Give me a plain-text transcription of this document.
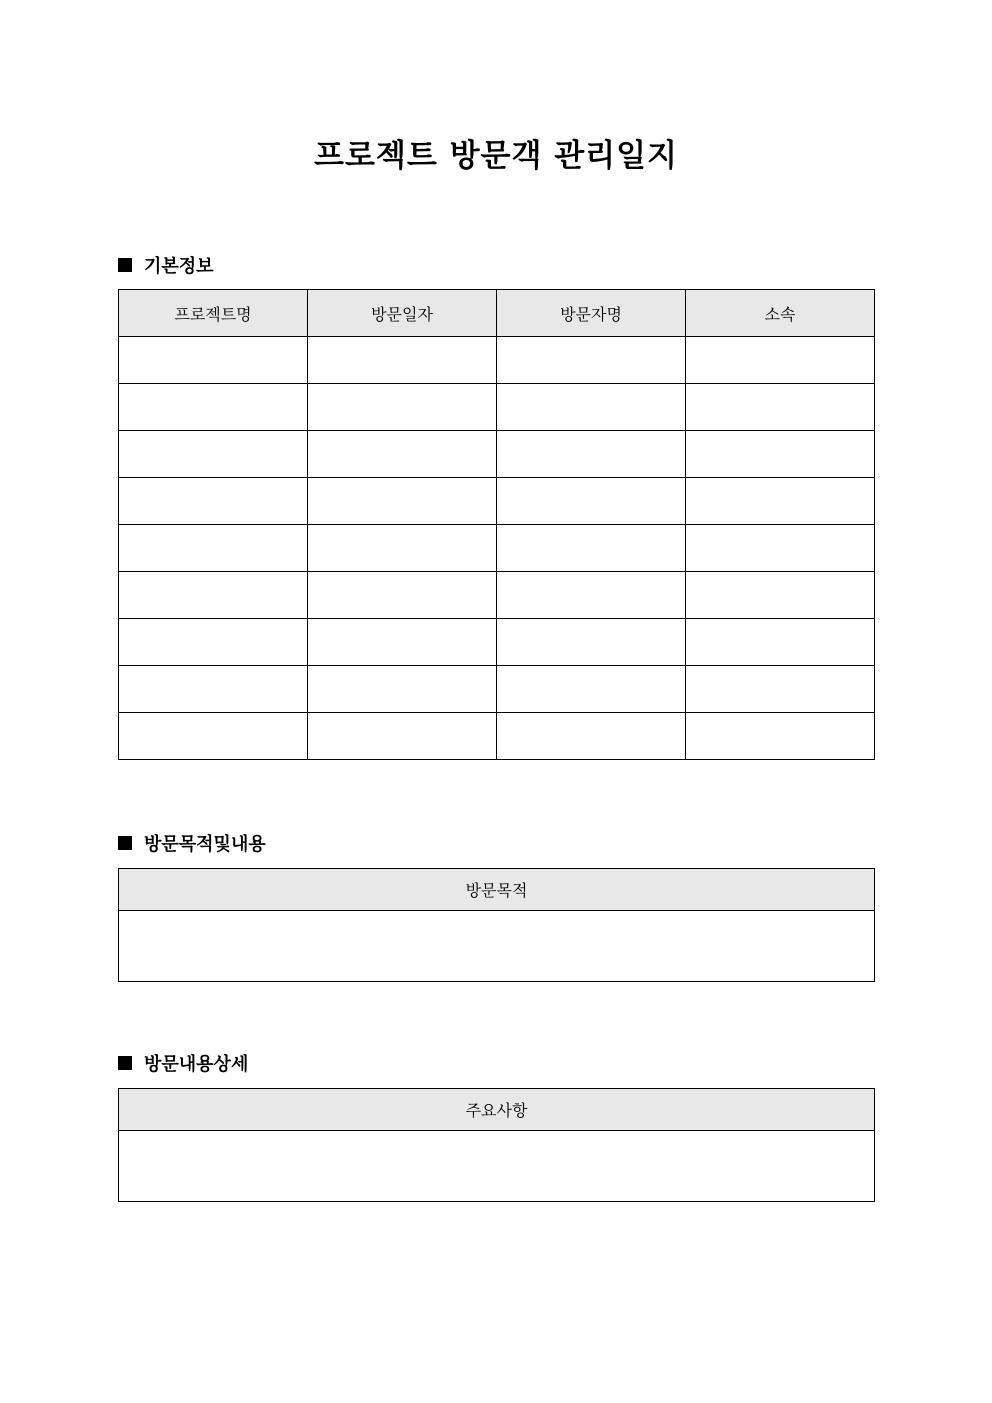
프로젝트 방문객 관리일지
기본정보
프로젝트명	방문일자	방문자명	소속

방문목적및내용
방문목적

방문내용상세
주요사항
